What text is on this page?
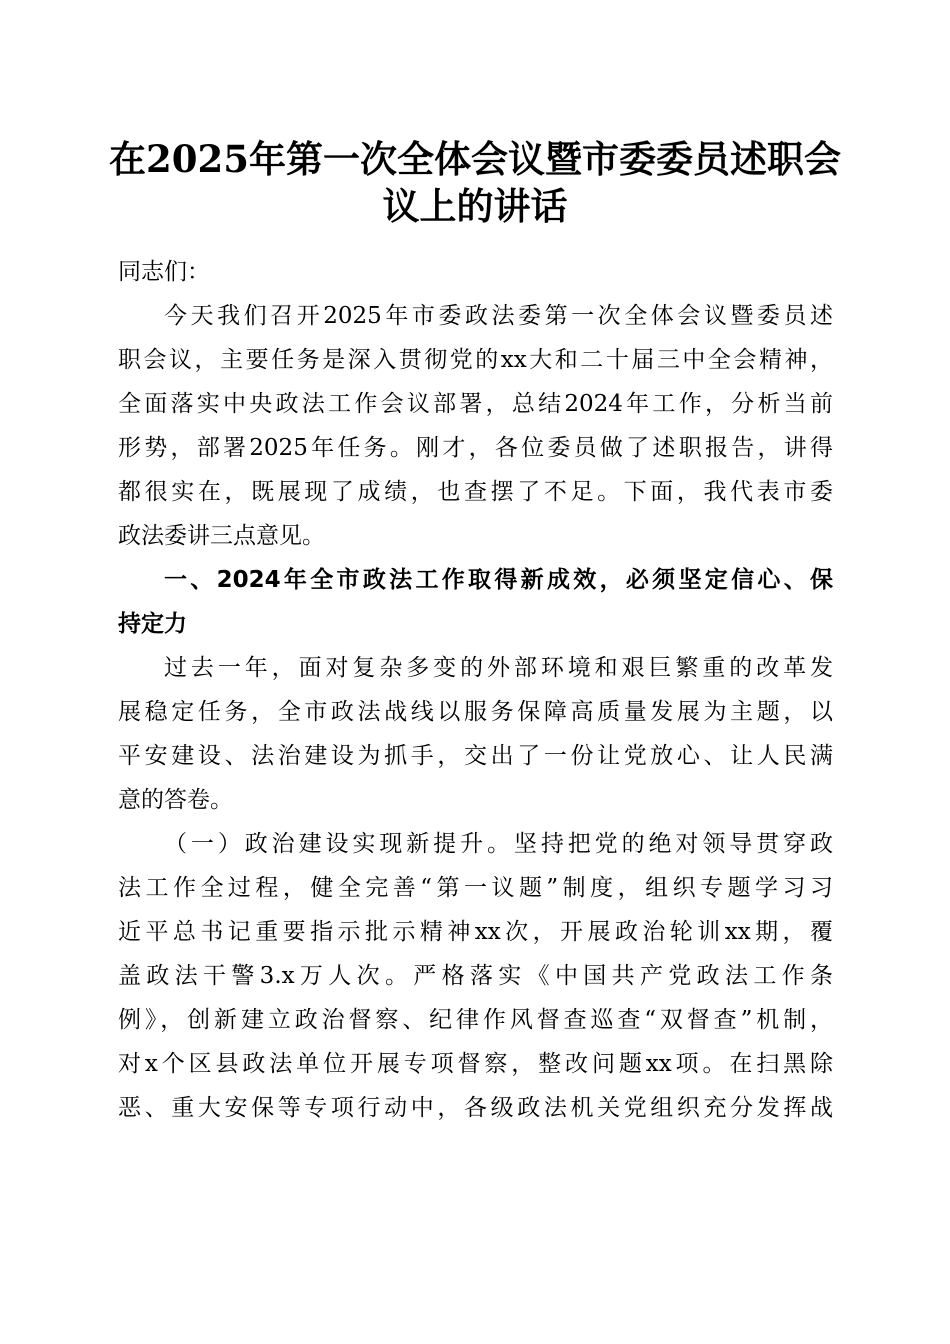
在2025年第一次全体会议暨市委委员述职会
议上的讲话

同志们：

今天我们召开2025年市委政法委第一次全体会议暨委员述
职会议，主要任务是深入贯彻党的xx大和二十届三中全会精神，
全面落实中央政法工作会议部署，总结2024年工作，分析当前
形势，部署2025年任务。刚才，各位委员做了述职报告，讲得
都很实在，既展现了成绩，也查摆了不足。下面，我代表市委
政法委讲三点意见。
一、2024年全市政法工作取得新成效，必须坚定信心、保
持定力
过去一年，面对复杂多变的外部环境和艰巨繁重的改革发
展稳定任务，全市政法战线以服务保障高质量发展为主题，以
平安建设、法治建设为抓手，交出了一份让党放心、让人民满
意的答卷。
（一）政治建设实现新提升。坚持把党的绝对领导贯穿政
法工作全过程，健全完善“第一议题”制度，组织专题学习习
近平总书记重要指示批示精神xx次，开展政治轮训xx期，覆
盖政法干警3.x万人次。严格落实《中国共产党政法工作条
例》，创新建立政治督察、纪律作风督查巡查“双督查”机制，
对x个区县政法单位开展专项督察，整改问题xx项。在扫黑除
恶、重大安保等专项行动中，各级政法机关党组织充分发挥战
